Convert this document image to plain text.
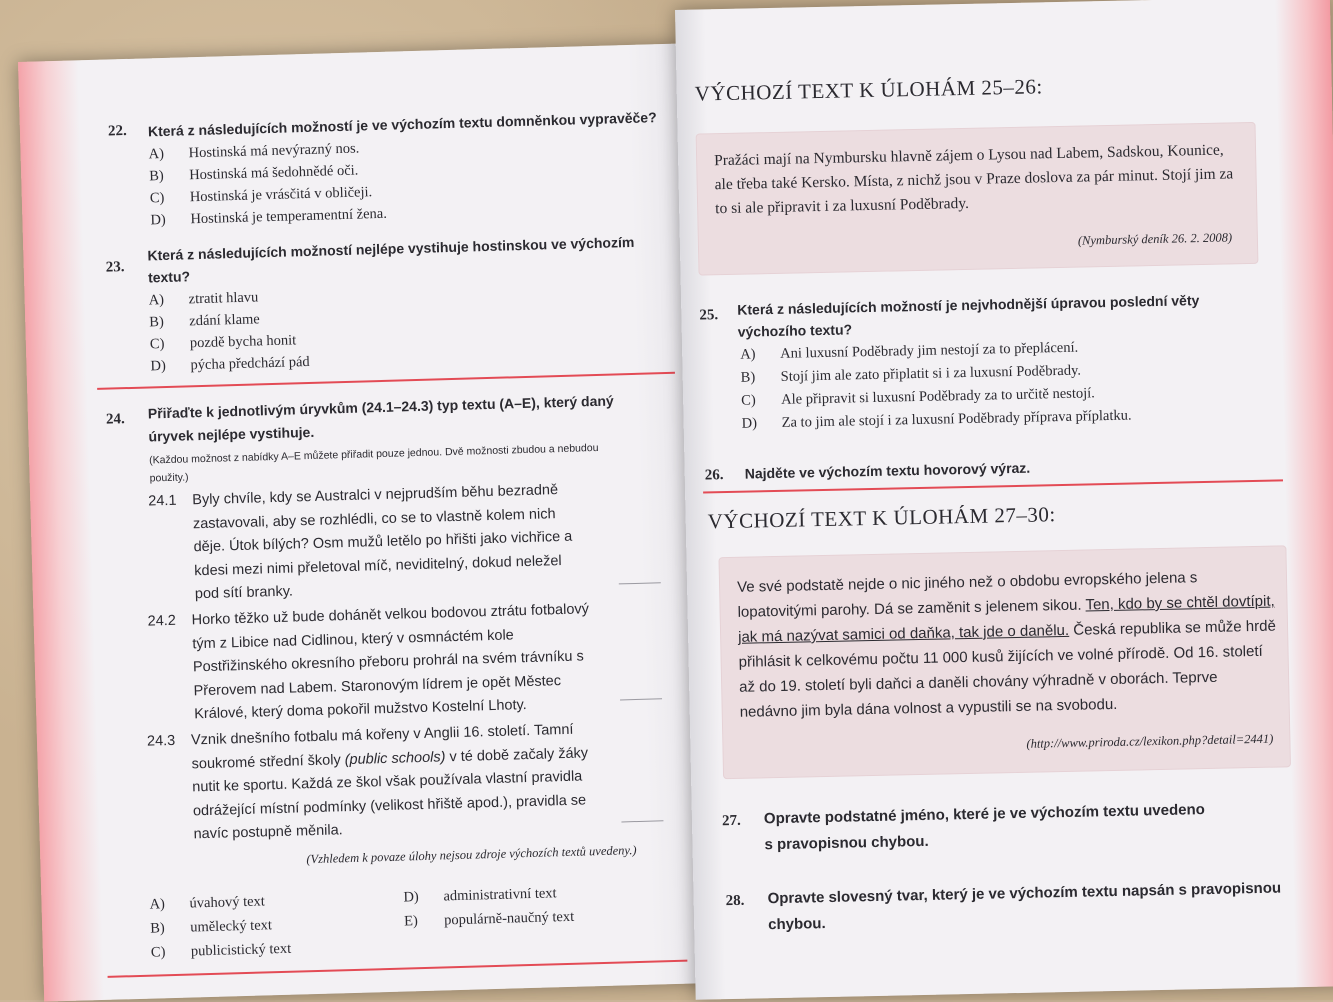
22. Která z následujících možností je ve výchozím textu domněnkou vypravěče?
A) Hostinská má nevýrazný nos.
B) Hostinská má šedohnědé oči.
C) Hostinská je vrásčitá v obličeji.
D) Hostinská je temperamentní žena.
23.
Která z následujících možností nejlépe vystihuje hostinskou ve výchozím
textu?
A) ztratit hlavu
B) zdání klame
C) pozdě bycha honit
D) pýcha předchází pád
24. Přiřaďte k jednotlivým úryvkům (24.1–24.3) typ textu (A–E), který daný
úryvek nejlépe vystihuje.
(Každou možnost z nabídky A–E můžete přiřadit pouze jednou. Dvě možnosti zbudou a nebudou
použity.)
24.1 Byly chvíle, kdy se Australci v nejprudším běhu bezradně zastavovali, aby se rozhlédli, co se to vlastně kolem nich děje. Útok bílých? Osm mužů letělo po hřišti jako vichřice a kdesi mezi nimi přeletoval míč, neviditelný, dokud neležel pod sítí branky.
24.2 Horko těžko už bude dohánět velkou bodovou ztrátu fotbalový tým z Libice nad Cidlinou, který v osmnáctém kole Postřižinského okresního přeboru prohrál na svém trávníku s Přerovem nad Labem. Staronovým lídrem je opět Městec Králové, který doma pokořil mužstvo Kostelní Lhoty.
24.3 Vznik dnešního fotbalu má kořeny v Anglii 16. století. Tamní soukromé střední školy (public schools) v té době začaly žáky nutit ke sportu. Každá ze škol však používala vlastní pravidla odrážející místní podmínky (velikost hřiště apod.), pravidla se navíc postupně měnila.
(Vzhledem k povaze úlohy nejsou zdroje výchozích textů uvedeny.)
A) úvahový text
B) umělecký text
C) publicistický text
D) administrativní text
E) populárně-naučný text
VÝCHOZÍ TEXT K ÚLOHÁM 25–26:
Pražáci mají na Nymbursku hlavně zájem o Lysou nad Labem, Sadskou, Kounice, ale třeba také Kersko. Místa, z nichž jsou v Praze doslova za pár minut. Stojí jim za to si ale připravit i za luxusní Poděbrady.
(Nymburský deník 26. 2. 2008)
25. Která z následujících možností je nejvhodnější úpravou poslední věty
výchozího textu?
A) Ani luxusní Poděbrady jim nestojí za to přeplácení.
B) Stojí jim ale zato připlatit si i za luxusní Poděbrady.
C) Ale připravit si luxusní Poděbrady za to určitě nestojí.
D) Za to jim ale stojí i za luxusní Poděbrady příprava příplatku.
26. Najděte ve výchozím textu hovorový výraz.
VÝCHOZÍ TEXT K ÚLOHÁM 27–30:
Ve své podstatě nejde o nic jiného než o obdobu evropského jelena s lopatovitými parohy. Dá se zaměnit s jelenem sikou. Ten, kdo by se chtěl dovtípit, jak má nazývat samici od daňka, tak jde o danělu. Česká republika se může hrdě přihlásit k celkovému počtu 11 000 kusů žijících ve volné přírodě. Od 16. století až do 19. století byli daňci a daněli chovány výhradně v oborách. Teprve nedávno jim byla dána volnost a vypustili se na svobodu.
(http://www.priroda.cz/lexikon.php?detail=2441)
27. Opravte podstatné jméno, které je ve výchozím textu uvedeno
s pravopisnou chybou.
28. Opravte slovesný tvar, který je ve výchozím textu napsán s pravopisnou
chybou.
